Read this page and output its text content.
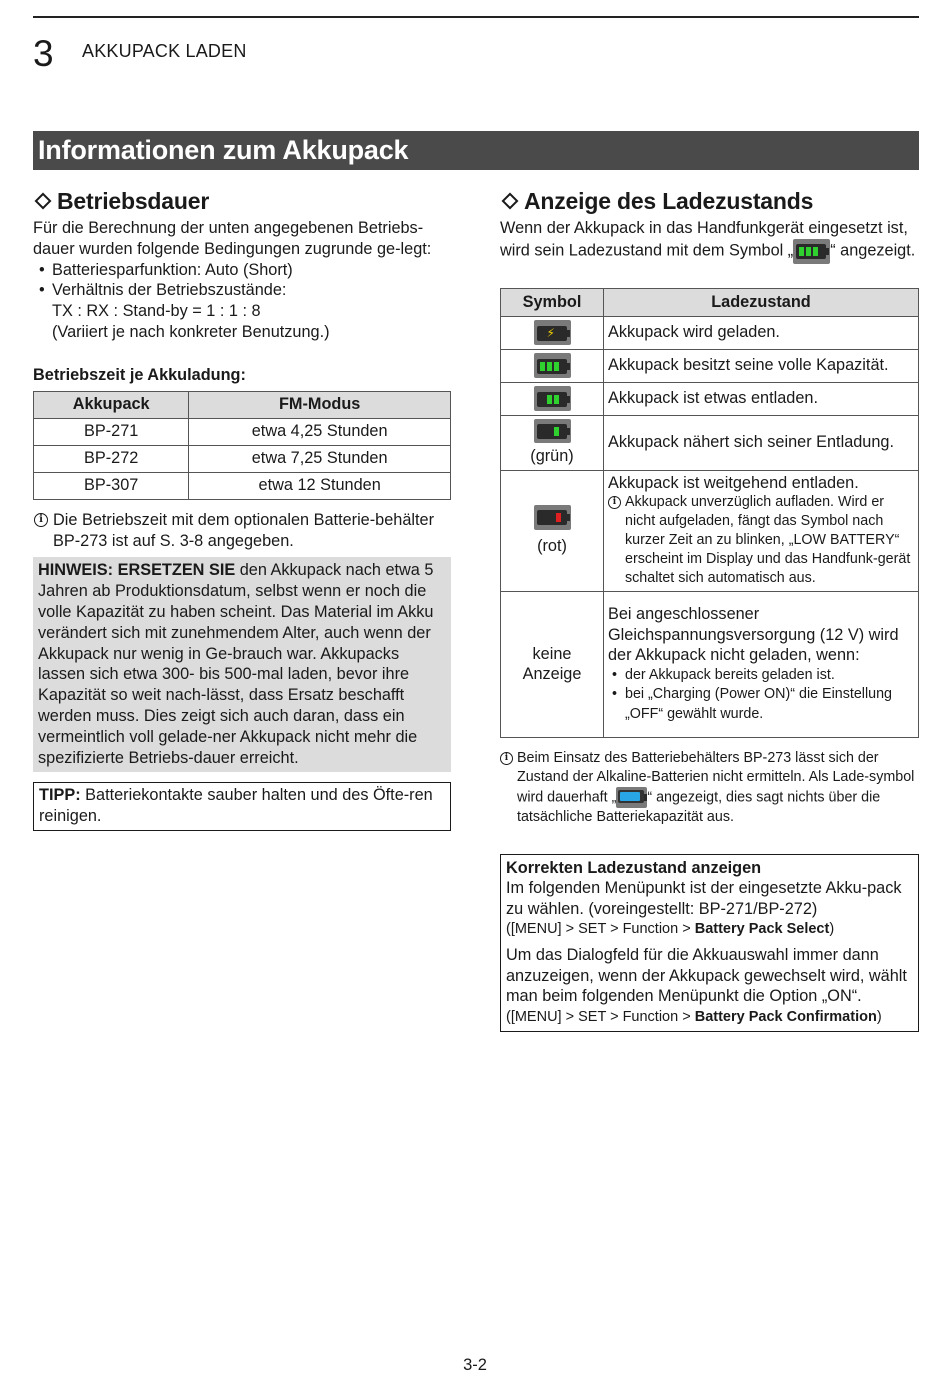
3 AKKUPACK LADEN
Informationen zum Akkupack
Betriebsdauer
Für die Berechnung der unten angegebenen Betriebs-dauer wurden folgende Bedingungen zugrunde ge-legt:
• Batteriesparfunktion: Auto (Short)
• Verhältnis der Betriebszustände:
TX : RX : Stand-by = 1 : 1 : 8
(Variiert je nach konkreter Benutzung.)
Betriebszeit je Akkuladung:
Akkupack	FM-Modus
BP-271	etwa 4,25 Stunden
BP-272	etwa 7,25 Stunden
BP-307	etwa 12 Stunden
i Die Betriebszeit mit dem optionalen Batterie-behälter BP-273 ist auf S. 3-8 angegeben.
HINWEIS: ERSETZEN SIE den Akkupack nach etwa 5 Jahren ab Produktionsdatum, selbst wenn er noch die volle Kapazität zu haben scheint. Das Material im Akku verändert sich mit zunehmendem Alter, auch wenn der Akkupack nur wenig in Ge-brauch war. Akkupacks lassen sich etwa 300- bis 500-mal laden, bevor ihre Kapazität so weit nach-lässt, dass Ersatz beschafft werden muss. Dies zeigt sich auch daran, dass ein vermeintlich voll gelade-ner Akkupack nicht mehr die spezifizierte Betriebs-dauer erreicht.
TIPP: Batteriekontakte sauber halten und des Öfte-ren reinigen.
Anzeige des Ladezustands
Wenn der Akkupack in das Handfunkgerät eingesetzt ist, wird sein Ladezustand mit dem Symbol „ “ angezeigt.
Symbol	Ladezustand

⚡	Akkupack wird geladen.

	Akkupack besitzt seine volle Kapazität.

	Akkupack ist etwas entladen.

(grün)	Akkupack nähert sich seiner Entladung.

(rot)	Akkupack ist weitgehend entladen.
i Akkupack unverzüglich aufladen. Wird er nicht aufgeladen, fängt das Symbol nach kurzer Zeit an zu blinken, „LOW BATTERY“ erscheint im Display und das Handfunk-gerät schaltet sich automatisch aus.

keine Anzeige	Bei angeschlossener Gleichspannungsversorgung (12 V) wird der Akkupack nicht geladen, wenn:
• der Akkupack bereits geladen ist.
• bei „Charging (Power ON)“ die Einstellung „OFF“ gewählt wurde.
i Beim Einsatz des Batteriebehälters BP-273 lässt sich der Zustand der Alkaline-Batterien nicht ermitteln. Als Lade-symbol wird dauerhaft „ “ angezeigt, dies sagt nichts über die tatsächliche Batteriekapazität aus.
Korrekten Ladezustand anzeigen
Im folgenden Menüpunkt ist der eingesetzte Akku-pack zu wählen. (voreingestellt: BP-271/BP-272)
([MENU] > SET > Function > Battery Pack Select)
Um das Dialogfeld für die Akkuauswahl immer dann anzuzeigen, wenn der Akkupack gewechselt wird, wählt man beim folgenden Menüpunkt die Option „ON“.
([MENU] > SET > Function > Battery Pack Confirmation)
3-2
